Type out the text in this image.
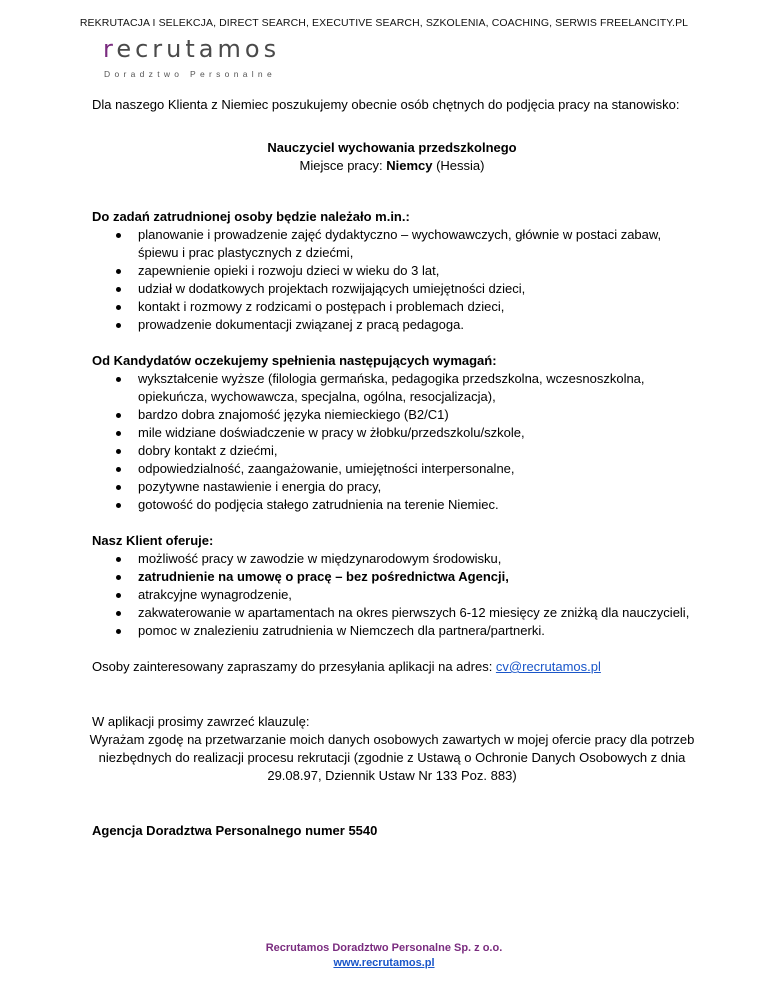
REKRUTACJA I SELEKCJA, DIRECT SEARCH, EXECUTIVE SEARCH, SZKOLENIA, COACHING, SERWIS FREELANCITY.PL
recrutamos
Doradztwo Personalne

Dla naszego Klienta z Niemiec poszukujemy obecnie osób chętnych do podjęcia pracy na stanowisko:

Nauczyciel wychowania przedszkolnego
Miejsce pracy: Niemcy (Hessia)
Do zadań zatrudnionej osoby będzie należało m.in.:
planowanie i prowadzenie zajęć dydaktyczno – wychowawczych, głównie w postaci zabaw, śpiewu i prac plastycznych z dziećmi,
zapewnienie opieki i rozwoju dzieci w wieku do 3 lat,
udział w dodatkowych projektach rozwijających umiejętności dzieci,
kontakt i rozmowy z rodzicami o postępach i problemach dzieci,
prowadzenie dokumentacji związanej z pracą pedagoga.
Od Kandydatów oczekujemy spełnienia następujących wymagań:
wykształcenie wyższe (filologia germańska, pedagogika przedszkolna, wczesnoszkolna, opiekuńcza, wychowawcza, specjalna, ogólna, resocjalizacja),
bardzo dobra znajomość języka niemieckiego (B2/C1)
mile widziane doświadczenie w pracy w żłobku/przedszkolu/szkole,
dobry kontakt z dziećmi,
odpowiedzialność, zaangażowanie, umiejętności interpersonalne,
pozytywne nastawienie i energia do pracy,
gotowość do podjęcia stałego zatrudnienia na terenie Niemiec.
Nasz Klient oferuje:
możliwość pracy w zawodzie w międzynarodowym środowisku,
zatrudnienie na umowę o pracę – bez pośrednictwa Agencji,
atrakcyjne wynagrodzenie,
zakwaterowanie w apartamentach na okres pierwszych 6-12 miesięcy ze zniżką dla nauczycieli,
pomoc w znalezieniu zatrudnienia w Niemczech dla partnera/partnerki.

Osoby zainteresowany zapraszamy do przesyłania aplikacji na adres: cv@recrutamos.pl

W aplikacji prosimy zawrzeć klauzulę:
Wyrażam zgodę na przetwarzanie moich danych osobowych zawartych w mojej ofercie pracy dla potrzeb niezbędnych do realizacji procesu rekrutacji (zgodnie z Ustawą o Ochronie Danych Osobowych z dnia 29.08.97, Dziennik Ustaw Nr 133 Poz. 883)
Agencja Doradztwa Personalnego numer 5540
Recrutamos Doradztwo Personalne Sp. z o.o.
www.recrutamos.pl
